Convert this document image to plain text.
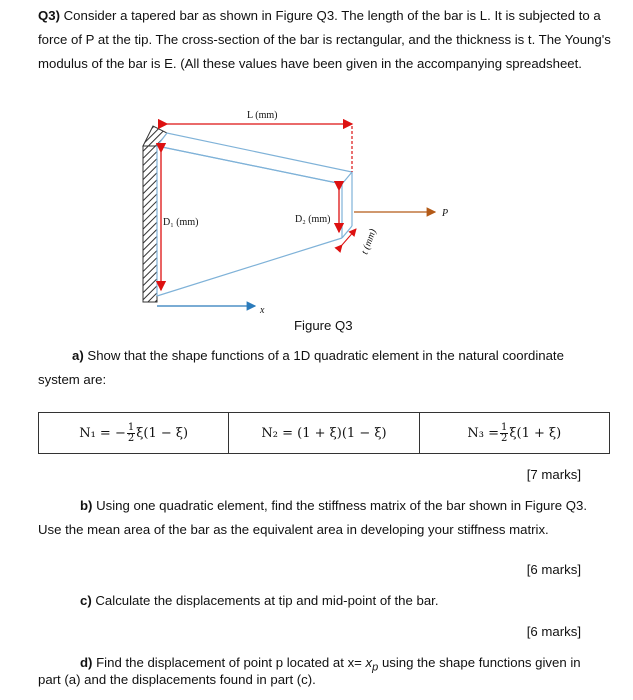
Q3) Consider a tapered bar as shown in Figure Q3. The length of the bar is L. It is subjected to a force of P at the tip. The cross-section of the bar is rectangular, and the thickness is t. The Young's modulus of the bar is E. (All these values have been given in the accompanying spreadsheet.
L (mm)
D₁ (mm)	D₂ (mm)
P
t (mm)
x
Figure Q3
a) Show that the shape functions of a 1D quadratic element in the natural coordinate
system are:
N₁ = − $\frac{1}{2} \xi(1 - \xi)$	N₂ = (1 + ξ)(1 − ξ)	$N_3 = \frac{1}{2} \xi(1 + \xi)$
[7 marks]
b) Using one quadratic element, find the stiffness matrix of the bar shown in Figure Q3.
Use the mean area of the bar as the equivalent area in developing your stiffness matrix.
[6 marks]
c) Calculate the displacements at tip and mid-point of the bar.
[6 marks]
d) Find the displacement of point p located at $x= x_p$ using the shape functions given in
part (a) and the displacements found in part (c).
